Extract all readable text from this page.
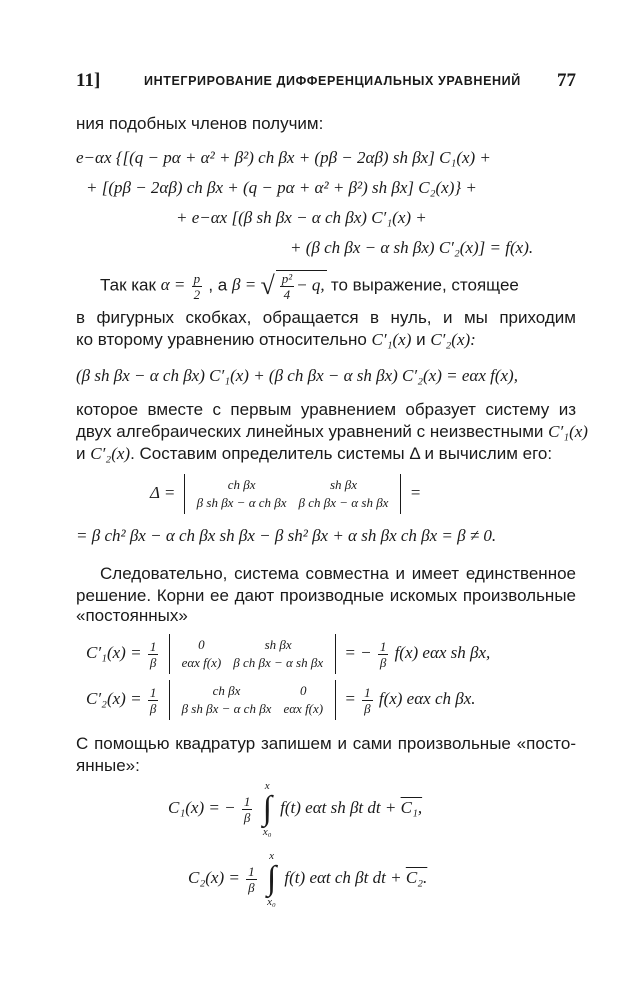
11]	ИНТЕГРИРОВАНИЕ ДИФФЕРЕНЦИАЛЬНЫХ УРАВНЕНИЙ 77
ния подобных членов получим:
e−αx {[(q − pα + α² + β²) ch βx + (pβ − 2αβ) sh βx] C₁(x) +
+ [(pβ − 2αβ) ch βx + (q − pα + α² + β²) sh βx] C₂(x)} +
+ e−αx [(β sh βx − α ch βx) C′₁(x) +
+ (β ch βx − α sh βx) C′₂(x)] = f(x).
Так как $\alpha = \frac{p}{2}$ , a β = √ $\frac{\text{p²}}{4} - q$, то выражение, стоящее
в фигурных скобках, обращается в нуль, и мы приходим
ко второму уравнению относительно C′₁(x) и C′₂(x):
(β sh βx − α ch βx) C′₁(x) + (β ch βx − α sh βx) C′₂(x) = eαx f(x),
которое вместе с первым уравнением образует систему из
двух алгебраических линейных уравнений с неизвестными C′₁(x)
и C′₂(x). Составим определитель системы Δ и вычислим его:
Δ =	ch βx	sh βx
β sh βx − α ch βx	β ch βx − α sh βx
=
= β ch² βx − α ch βx sh βx − β sh² βx + α sh βx ch βx = β ≠ 0.
Следовательно, система совместна и имеет единственное
решение. Корни ее дают производные искомых произвольные
«постоянных»
$C'_1(x) = \frac{1}{\beta}$
	0	sh βx
eαx f(x)	β ch βx − α sh βx
= − $\frac{1}{\beta} f(x)$ eαx sh βx,
$C'_2(x) = \frac{1}{\beta}$
	ch βx	0
β sh βx − α ch βx	eαx f(x)
= $\frac{1}{\beta} f(x)$ eαx ch βx.
С помощью квадратур запишем и сами произвольные «посто-
янные»:
C₁(x) = − $\frac{1}{\beta}$

x
∫
x₀
f(t) eαt sh βt dt + C₁,
$C_2(x) = \frac{1}{\beta}$

x
∫
x₀
f(t) eαt ch βt dt + C₂.
